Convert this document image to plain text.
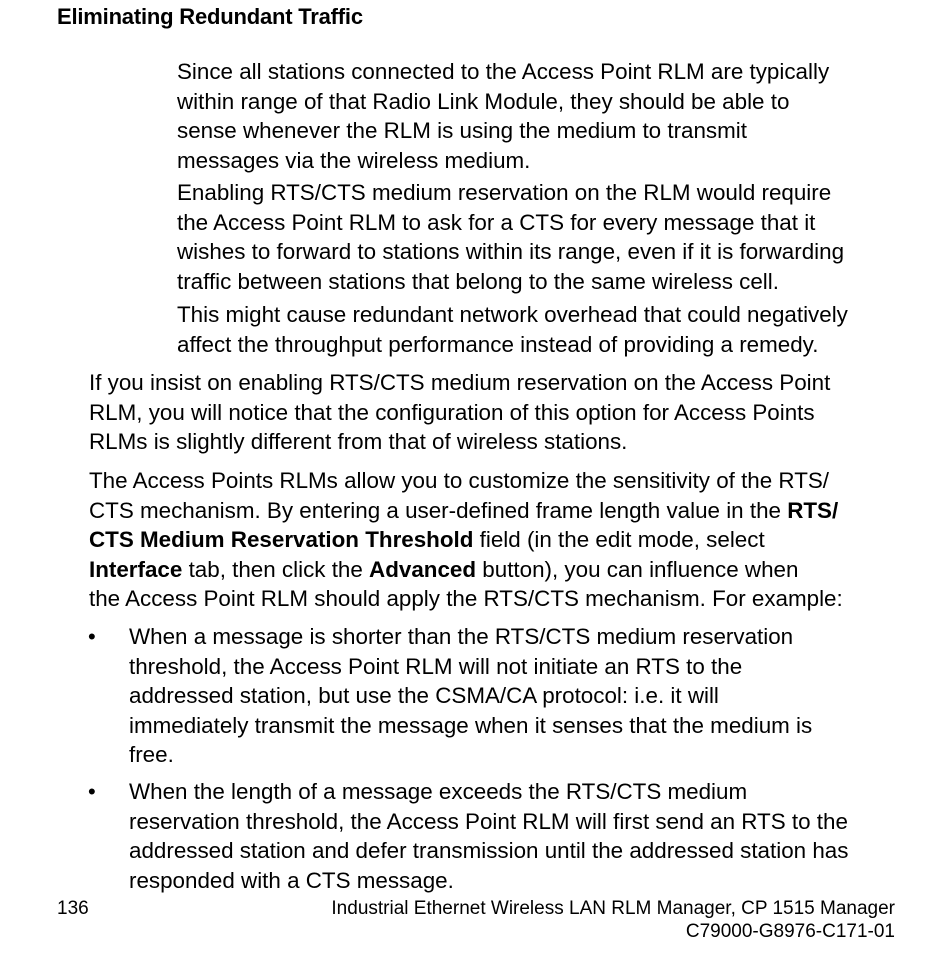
Eliminating Redundant Traffic

Since all stations connected to the Access Point RLM are typically
within range of that Radio Link Module, they should be able to
sense whenever the RLM is using the medium to transmit
messages via the wireless medium.

Enabling RTS/CTS medium reservation on the RLM would require
the Access Point RLM to ask for a CTS for every message that it
wishes to forward to stations within its range, even if it is forwarding
traffic between stations that belong to the same wireless cell.

This might cause redundant network overhead that could negatively
affect the throughput performance instead of providing a remedy.

If you insist on enabling RTS/CTS medium reservation on the Access Point
RLM, you will notice that the configuration of this option for Access Points
RLMs is slightly different from that of wireless stations.

The Access Points RLMs allow you to customize the sensitivity of the RTS/
CTS mechanism. By entering a user-defined frame length value in the RTS/
CTS Medium Reservation Threshold field (in the edit mode, select
Interface tab, then click the Advanced button), you can influence when
the Access Point RLM should apply the RTS/CTS mechanism. For example:

• When a message is shorter than the RTS/CTS medium reservation
threshold, the Access Point RLM will not initiate an RTS to the
addressed station, but use the CSMA/CA protocol: i.e. it will
immediately transmit the message when it senses that the medium is
free.

• When the length of a message exceeds the RTS/CTS medium
reservation threshold, the Access Point RLM will first send an RTS to the
addressed station and defer transmission until the addressed station has
responded with a CTS message.

136	Industrial Ethernet Wireless LAN RLM Manager, CP 1515 Manager
C79000-G8976-C171-01
